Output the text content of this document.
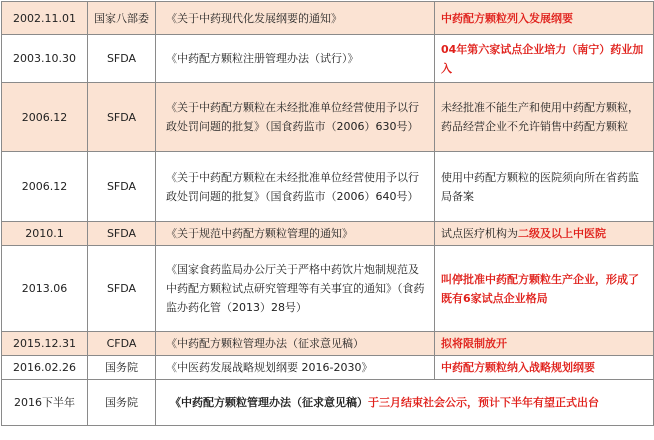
2002.11.01	国家八部委	《关于中药现代化发展纲要的通知》	中药配方颗粒列入发展纲要
2003.10.30	SFDA	《中药配方颗粒注册管理办法（试行）》	04年第六家试点企业培力（南宁）药业加入
2006.12	SFDA	《关于中药配方颗粒在未经批准单位经营使用予以行政处罚问题的批复》（国食药监市（2006）630号）	未经批准不能生产和使用中药配方颗粒，药品经营企业不允许销售中药配方颗粒
2006.12	SFDA	《关于中药配方颗粒在未经批准单位经营使用予以行政处罚问题的批复》（国食药监市（2006）640号）	使用中药配方颗粒的医院须向所在省药监局备案
2010.1	SFDA	《关于规范中药配方颗粒管理的通知》	试点医疗机构为二级及以上中医院
2013.06	SFDA	《国家食药监局办公厅关于严格中药饮片炮制规范及中药配方颗粒试点研究管理等有关事宜的通知》（食药监办药化管（2013）28号）	叫停批准中药配方颗粒生产企业，形成了既有6家试点企业格局
2015.12.31	CFDA	《中药配方颗粒管理办法（征求意见稿）	拟将限制放开
2016.02.26	国务院	《中医药发展战略规划纲要 2016-2030》	中药配方颗粒纳入战略规划纲要
2016下半年	国务院	《中药配方颗粒管理办法（征求意见稿）于三月结束社会公示，预计下半年有望正式出台	
